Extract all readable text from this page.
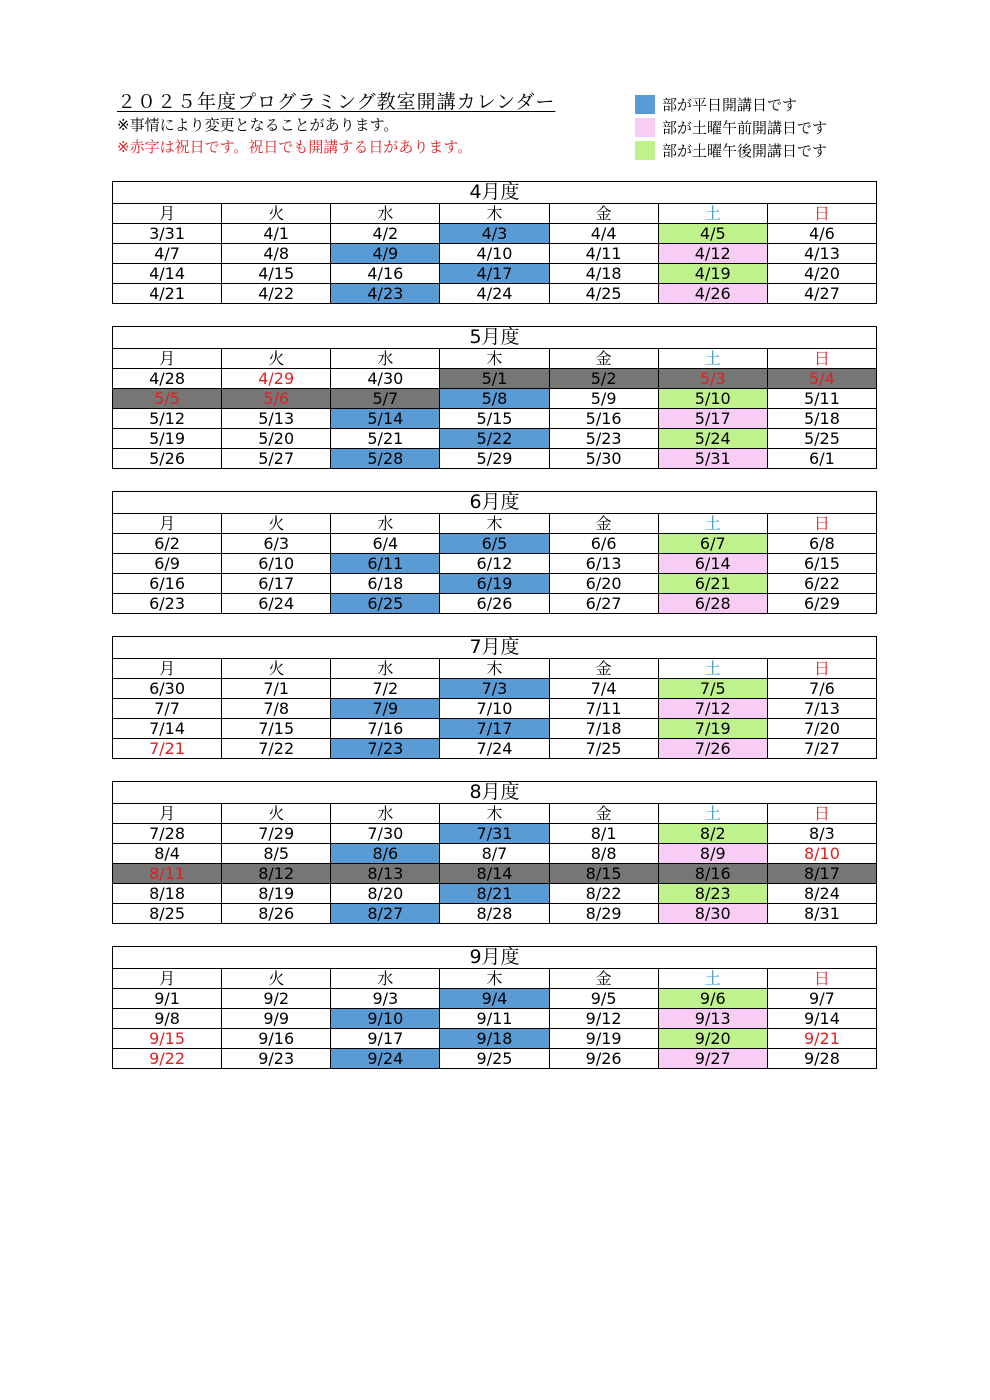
２０２５年度プログラミング教室開講カレンダー
※事情により変更となることがあります。
※赤字は祝日です。祝日でも開講する日があります。
部が平日開講日です
部が土曜午前開講日です
部が土曜午後開講日です
4月度						
月	火	水	木	金	土	日
3/31	4/1	4/2	4/3	4/4	4/5	4/6
4/7	4/8	4/9	4/10	4/11	4/12	4/13
4/14	4/15	4/16	4/17	4/18	4/19	4/20
4/21	4/22	4/23	4/24	4/25	4/26	4/27
5月度						
月	火	水	木	金	土	日
4/28	4/29	4/30	5/1	5/2	5/3	5/4
5/5	5/6	5/7	5/8	5/9	5/10	5/11
5/12	5/13	5/14	5/15	5/16	5/17	5/18
5/19	5/20	5/21	5/22	5/23	5/24	5/25
5/26	5/27	5/28	5/29	5/30	5/31	6/1
6月度						
月	火	水	木	金	土	日
6/2	6/3	6/4	6/5	6/6	6/7	6/8
6/9	6/10	6/11	6/12	6/13	6/14	6/15
6/16	6/17	6/18	6/19	6/20	6/21	6/22
6/23	6/24	6/25	6/26	6/27	6/28	6/29
7月度						
月	火	水	木	金	土	日
6/30	7/1	7/2	7/3	7/4	7/5	7/6
7/7	7/8	7/9	7/10	7/11	7/12	7/13
7/14	7/15	7/16	7/17	7/18	7/19	7/20
7/21	7/22	7/23	7/24	7/25	7/26	7/27
8月度						
月	火	水	木	金	土	日
7/28	7/29	7/30	7/31	8/1	8/2	8/3
8/4	8/5	8/6	8/7	8/8	8/9	8/10
8/11	8/12	8/13	8/14	8/15	8/16	8/17
8/18	8/19	8/20	8/21	8/22	8/23	8/24
8/25	8/26	8/27	8/28	8/29	8/30	8/31
9月度						
月	火	水	木	金	土	日
9/1	9/2	9/3	9/4	9/5	9/6	9/7
9/8	9/9	9/10	9/11	9/12	9/13	9/14
9/15	9/16	9/17	9/18	9/19	9/20	9/21
9/22	9/23	9/24	9/25	9/26	9/27	9/28
